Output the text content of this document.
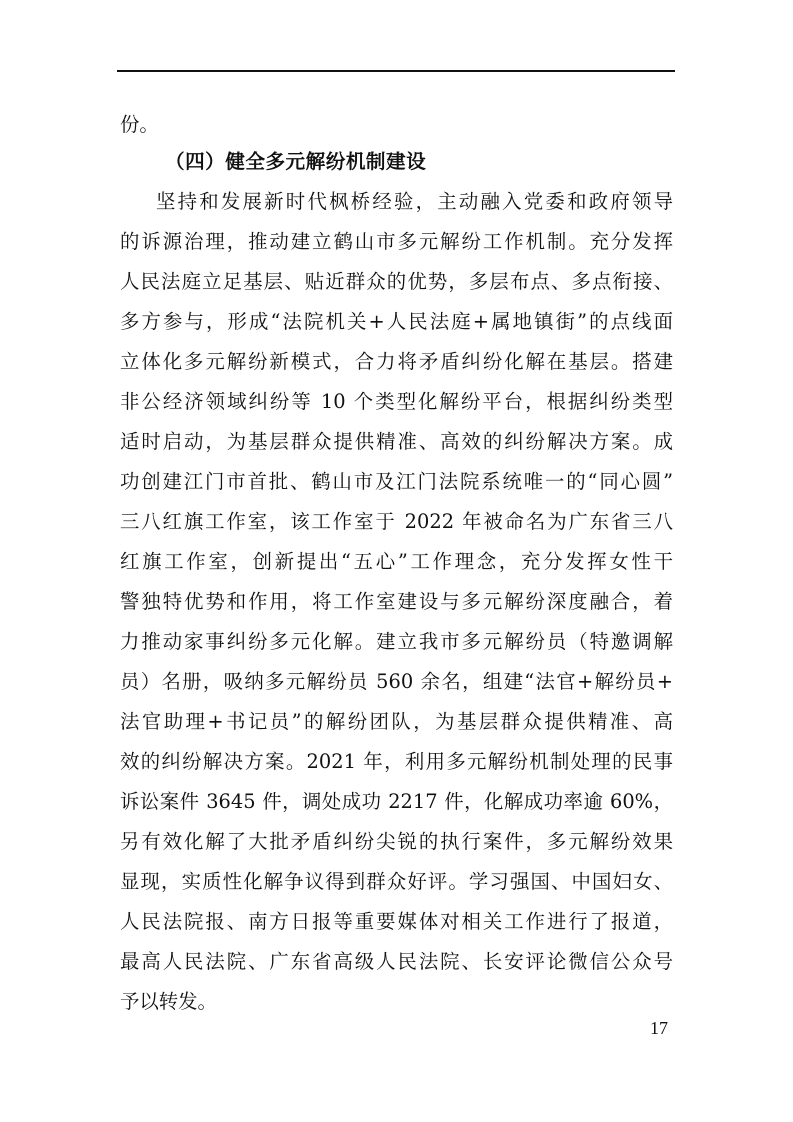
份。
（四）健全多元解纷机制建设
坚持和发展新时代枫桥经验，主动融入党委和政府领导
的诉源治理，推动建立鹤山市多元解纷工作机制。充分发挥
人民法庭立足基层、贴近群众的优势，多层布点、多点衔接、
多方参与，形成“法院机关+人民法庭+属地镇街”的点线面
立体化多元解纷新模式，合力将矛盾纠纷化解在基层。搭建
非公经济领域纠纷等 10 个类型化解纷平台，根据纠纷类型
适时启动，为基层群众提供精准、高效的纠纷解决方案。成
功创建江门市首批、鹤山市及江门法院系统唯一的“同心圆”
三八红旗工作室，该工作室于 2022 年被命名为广东省三八
红旗工作室，创新提出“五心”工作理念，充分发挥女性干
警独特优势和作用，将工作室建设与多元解纷深度融合，着
力推动家事纠纷多元化解。建立我市多元解纷员（特邀调解
员）名册，吸纳多元解纷员 560 余名，组建“法官+解纷员+
法官助理+书记员”的解纷团队，为基层群众提供精准、高
效的纠纷解决方案。2021 年，利用多元解纷机制处理的民事
诉讼案件 3645 件，调处成功 2217 件，化解成功率逾 60%，
另有效化解了大批矛盾纠纷尖锐的执行案件，多元解纷效果
显现，实质性化解争议得到群众好评。学习强国、中国妇女、
人民法院报、南方日报等重要媒体对相关工作进行了报道，
最高人民法院、广东省高级人民法院、长安评论微信公众号
予以转发。
17
